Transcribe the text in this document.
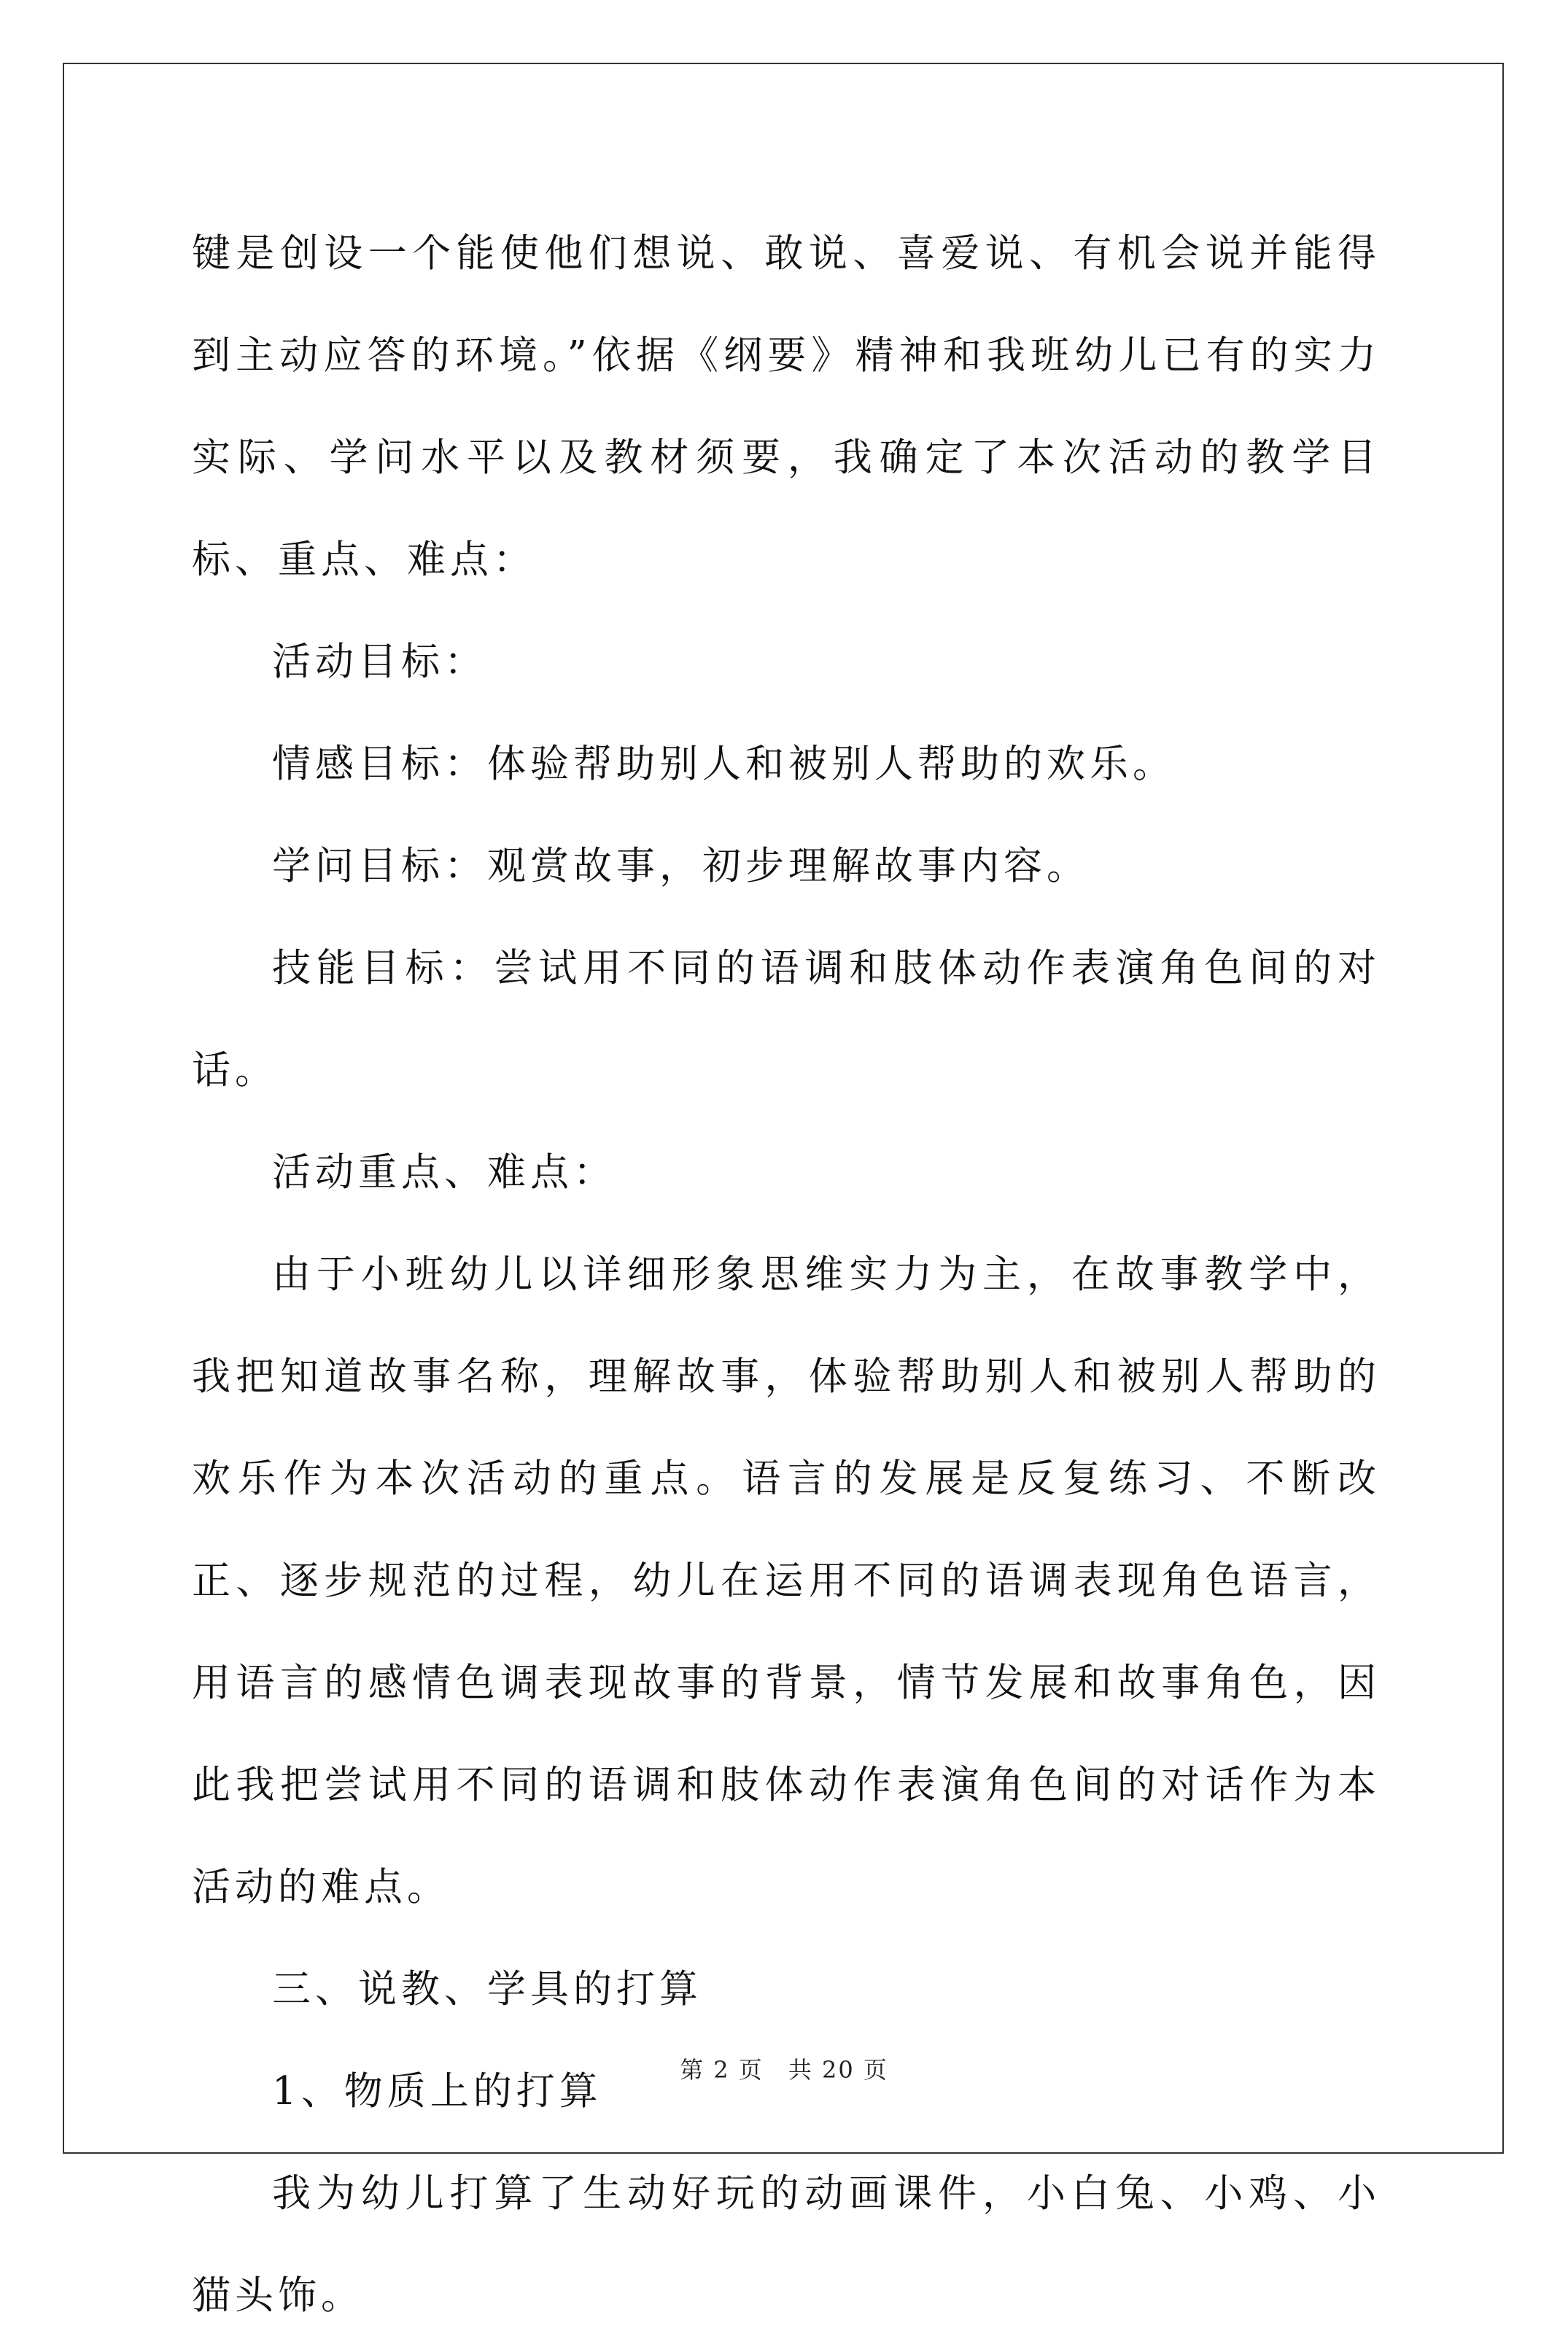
键是创设一个能使他们想说、敢说、喜爱说、有机会说并能得到主动应答的环境。”依据《纲要》精神和我班幼儿已有的实力实际、学问水平以及教材须要，我确定了本次活动的教学目标、重点、难点：

活动目标：

情感目标：体验帮助别人和被别人帮助的欢乐。

学问目标：观赏故事，初步理解故事内容。

技能目标：尝试用不同的语调和肢体动作表演角色间的对话。

活动重点、难点：

由于小班幼儿以详细形象思维实力为主，在故事教学中，我把知道故事名称，理解故事，体验帮助别人和被别人帮助的欢乐作为本次活动的重点。语言的发展是反复练习、不断改正、逐步规范的过程，幼儿在运用不同的语调表现角色语言，用语言的感情色调表现故事的背景，情节发展和故事角色，因此我把尝试用不同的语调和肢体动作表演角色间的对话作为本活动的难点。

三、说教、学具的打算

1、物质上的打算

我为幼儿打算了生动好玩的动画课件，小白兔、小鸡、小猫头饰。

第 2 页 共 20 页
